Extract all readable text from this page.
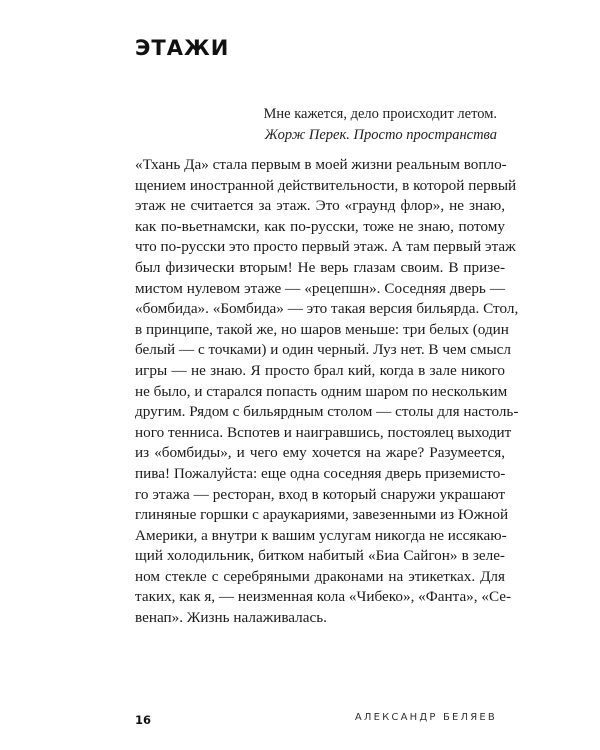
ЭТАЖИ
Мне кажется, дело происходит летом.
Жорж Перек. Просто пространства
«Тхань Да» стала первым в моей жизни реальным вопло-
щением иностранной действительности, в которой первый
этаж не считается за этаж. Это «граунд флор», не знаю,
как по-вьетнамски, как по-русски, тоже не знаю, потому
что по-русски это просто первый этаж. А там первый этаж
был физически вторым! Не верь глазам своим. В призе-
мистом нулевом этаже — «рецепшн». Соседняя дверь —
«бомбида». «Бомбида» — это такая версия бильярда. Стол,
в принципе, такой же, но шаров меньше: три белых (один
белый — с точками) и один черный. Луз нет. В чем смысл
игры — не знаю. Я просто брал кий, когда в зале никого
не было, и старался попасть одним шаром по нескольким
другим. Рядом с бильярдным столом — столы для настоль-
ного тенниса. Вспотев и наигравшись, постоялец выходит
из «бомбиды», и чего ему хочется на жаре? Разумеется,
пива! Пожалуйста: еще одна соседняя дверь приземисто-
го этажа — ресторан, вход в который снаружи украшают
глиняные горшки с араукариями, завезенными из Южной
Америки, а внутри к вашим услугам никогда не иссякаю-
щий холодильник, битком набитый «Биа Сайгон» в зеле-
ном стекле с серебряными драконами на этикетках. Для
таких, как я, — неизменная кола «Чибеко», «Фанта», «Се-
венап». Жизнь налаживалась.
16	АЛЕКСАНДР БЕЛЯЕВ
